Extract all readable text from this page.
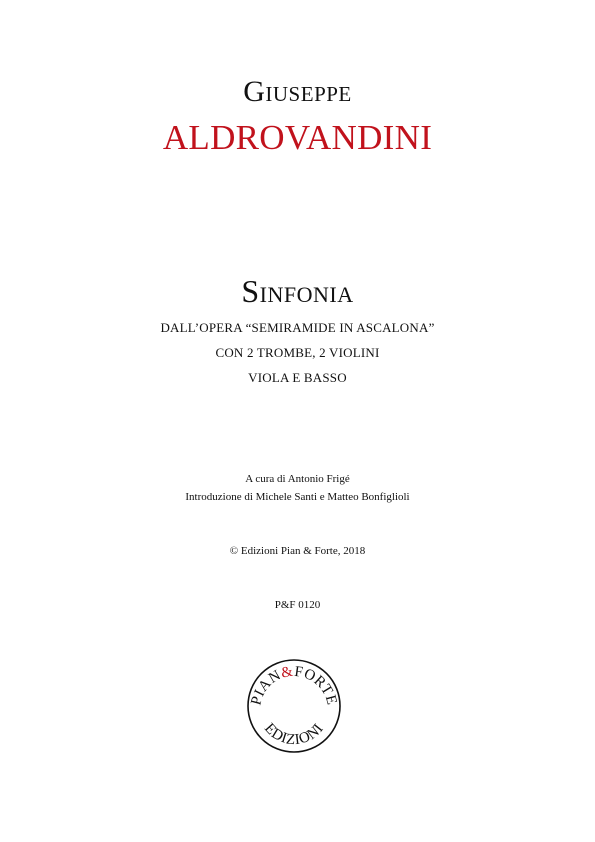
Giuseppe
ALDROVANDINI
Sinfonia
DALL’OPERA “SEMIRAMIDE IN ASCALONA”
CON 2 TROMBE, 2 VIOLINI
VIOLA E BASSO
A cura di Antonio Frigé
Introduzione di Michele Santi e Matteo Bonfiglioli
© Edizioni Pian & Forte, 2018
P&F 0120
PIAN&FORTE
EDIZIONI
